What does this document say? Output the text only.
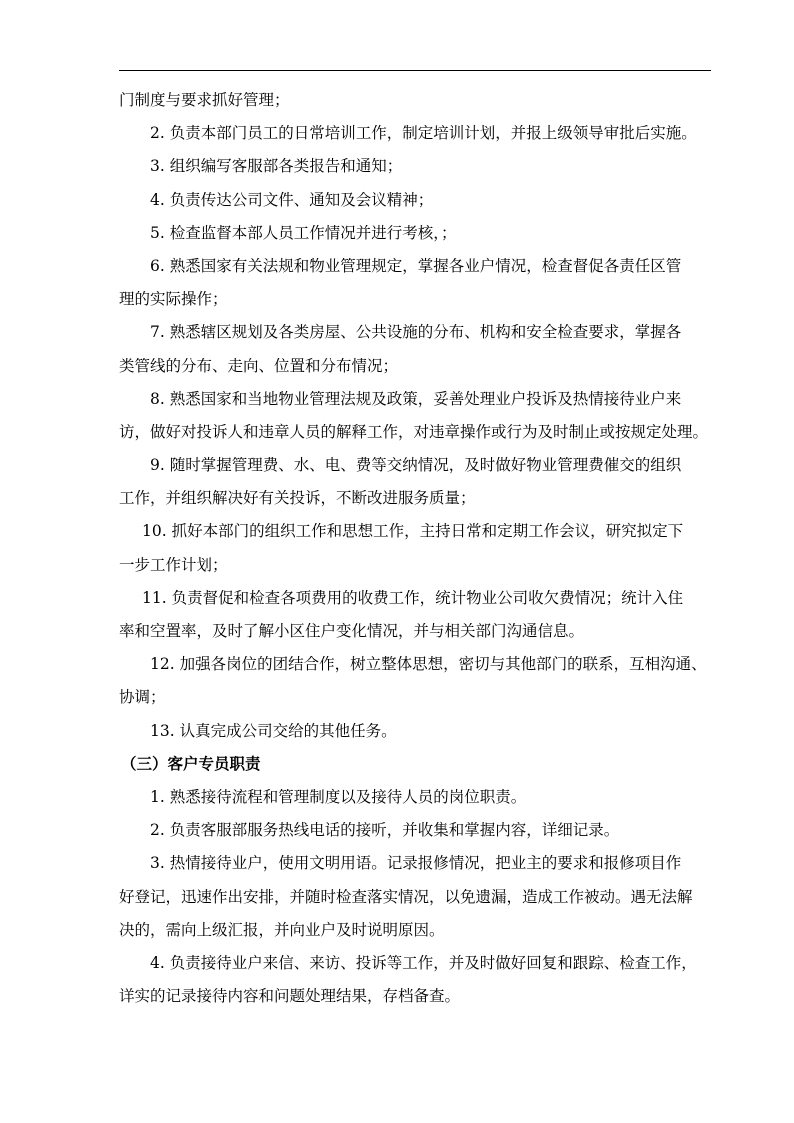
门制度与要求抓好管理；
2. 负责本部门员工的日常培训工作，制定培训计划，并报上级领导审批后实施。
3. 组织编写客服部各类报告和通知；
4. 负责传达公司文件、通知及会议精神；
5. 检查监督本部人员工作情况并进行考核，；
6. 熟悉国家有关法规和物业管理规定，掌握各业户情况，检查督促各责任区管
理的实际操作；
7. 熟悉辖区规划及各类房屋、公共设施的分布、机构和安全检查要求，掌握各
类管线的分布、走向、位置和分布情况；
8. 熟悉国家和当地物业管理法规及政策，妥善处理业户投诉及热情接待业户来
访，做好对投诉人和违章人员的解释工作，对违章操作或行为及时制止或按规定处理。
9. 随时掌握管理费、水、电、费等交纳情况，及时做好物业管理费催交的组织
工作，并组织解决好有关投诉，不断改进服务质量；
10. 抓好本部门的组织工作和思想工作，主持日常和定期工作会议，研究拟定下
一步工作计划；
11. 负责督促和检查各项费用的收费工作，统计物业公司收欠费情况；统计入住
率和空置率，及时了解小区住户变化情况，并与相关部门沟通信息。
12. 加强各岗位的团结合作，树立整体思想，密切与其他部门的联系，互相沟通、
协调；
13. 认真完成公司交给的其他任务。
（三）客户专员职责
1. 熟悉接待流程和管理制度以及接待人员的岗位职责。
2. 负责客服部服务热线电话的接听，并收集和掌握内容，详细记录。
3. 热情接待业户，使用文明用语。记录报修情况，把业主的要求和报修项目作
好登记，迅速作出安排，并随时检查落实情况，以免遗漏，造成工作被动。遇无法解
决的，需向上级汇报，并向业户及时说明原因。
4. 负责接待业户来信、来访、投诉等工作，并及时做好回复和跟踪、检查工作，
详实的记录接待内容和问题处理结果，存档备查。
